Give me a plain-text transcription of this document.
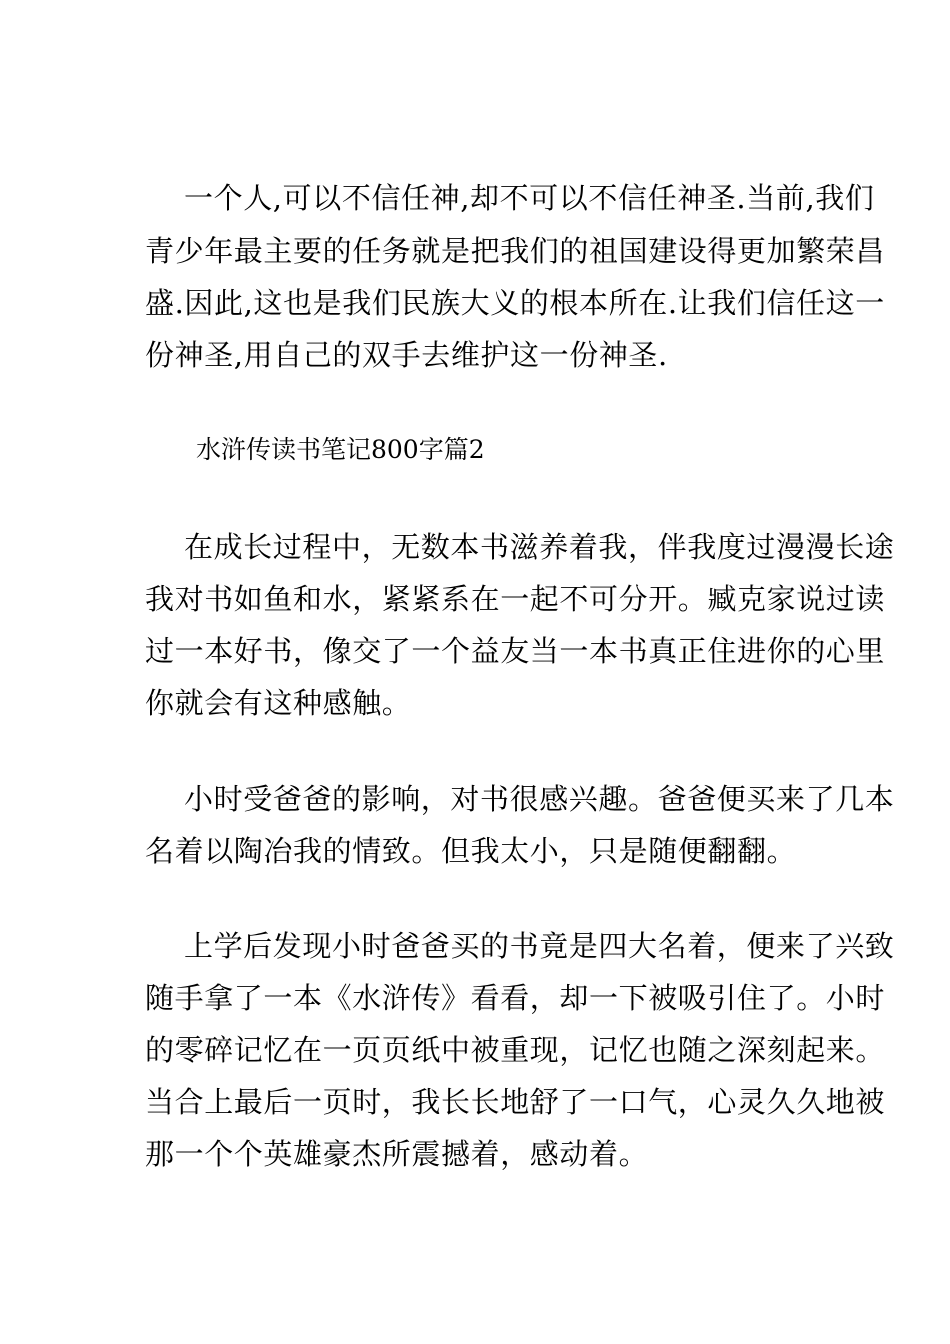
一个人,可以不信任神,却不可以不信任神圣.当前,我们
青少年最主要的任务就是把我们的祖国建设得更加繁荣昌
盛.因此,这也是我们民族大义的根本所在.让我们信任这一
份神圣,用自己的双手去维护这一份神圣.
水浒传读书笔记800字篇2
在成长过程中，无数本书滋养着我，伴我度过漫漫长途
我对书如鱼和水，紧紧系在一起不可分开。臧克家说过读
过一本好书，像交了一个益友当一本书真正住进你的心里
你就会有这种感触。
小时受爸爸的影响，对书很感兴趣。爸爸便买来了几本
名着以陶冶我的情致。但我太小，只是随便翻翻。
上学后发现小时爸爸买的书竟是四大名着，便来了兴致
随手拿了一本《水浒传》看看，却一下被吸引住了。小时
的零碎记忆在一页页纸中被重现，记忆也随之深刻起来。
当合上最后一页时，我长长地舒了一口气，心灵久久地被
那一个个英雄豪杰所震撼着，感动着。
